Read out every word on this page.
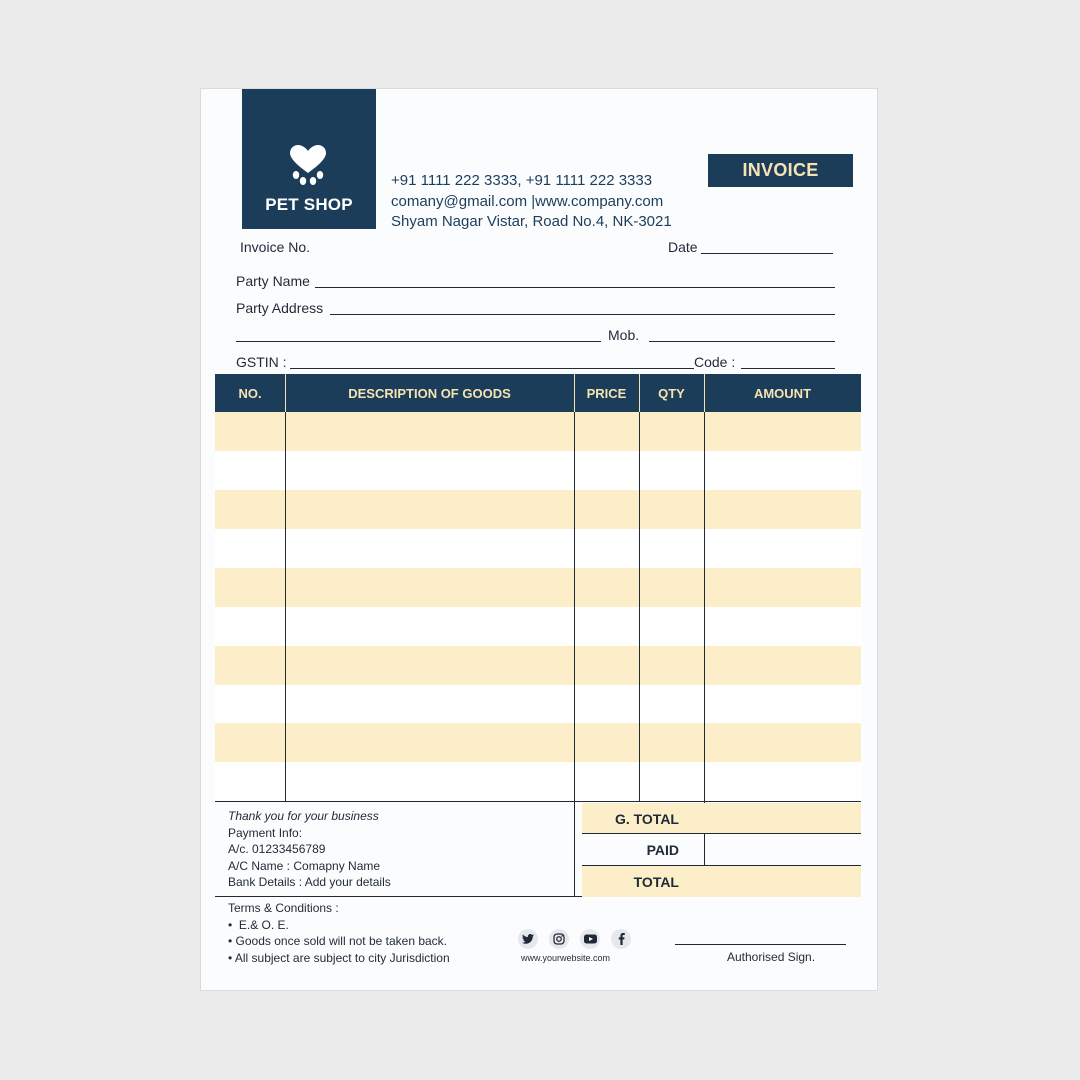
PET SHOP
+91 1111 222 3333, +91 1111 222 3333
comany@gmail.com |www.company.com
Shyam Nagar Vistar, Road No.4, NK-3021
INVOICE
Invoice No.	Date
Party Name
Party Address
Mob.
GSTIN :	Code :
NO.	DESCRIPTION OF GOODS	PRICE	QTY	AMOUNT
Thank you for your business
Payment Info:
A/c. 01233456789
A/C Name : Comapny Name
Bank Details : Add your details
G. TOTAL
PAID
TOTAL
Terms & Conditions :
•  E.& O. E.
• Goods once sold will not be taken back.
• All subject are subject to city Jurisdiction	www.yourwebsite.com	Authorised Sign.
